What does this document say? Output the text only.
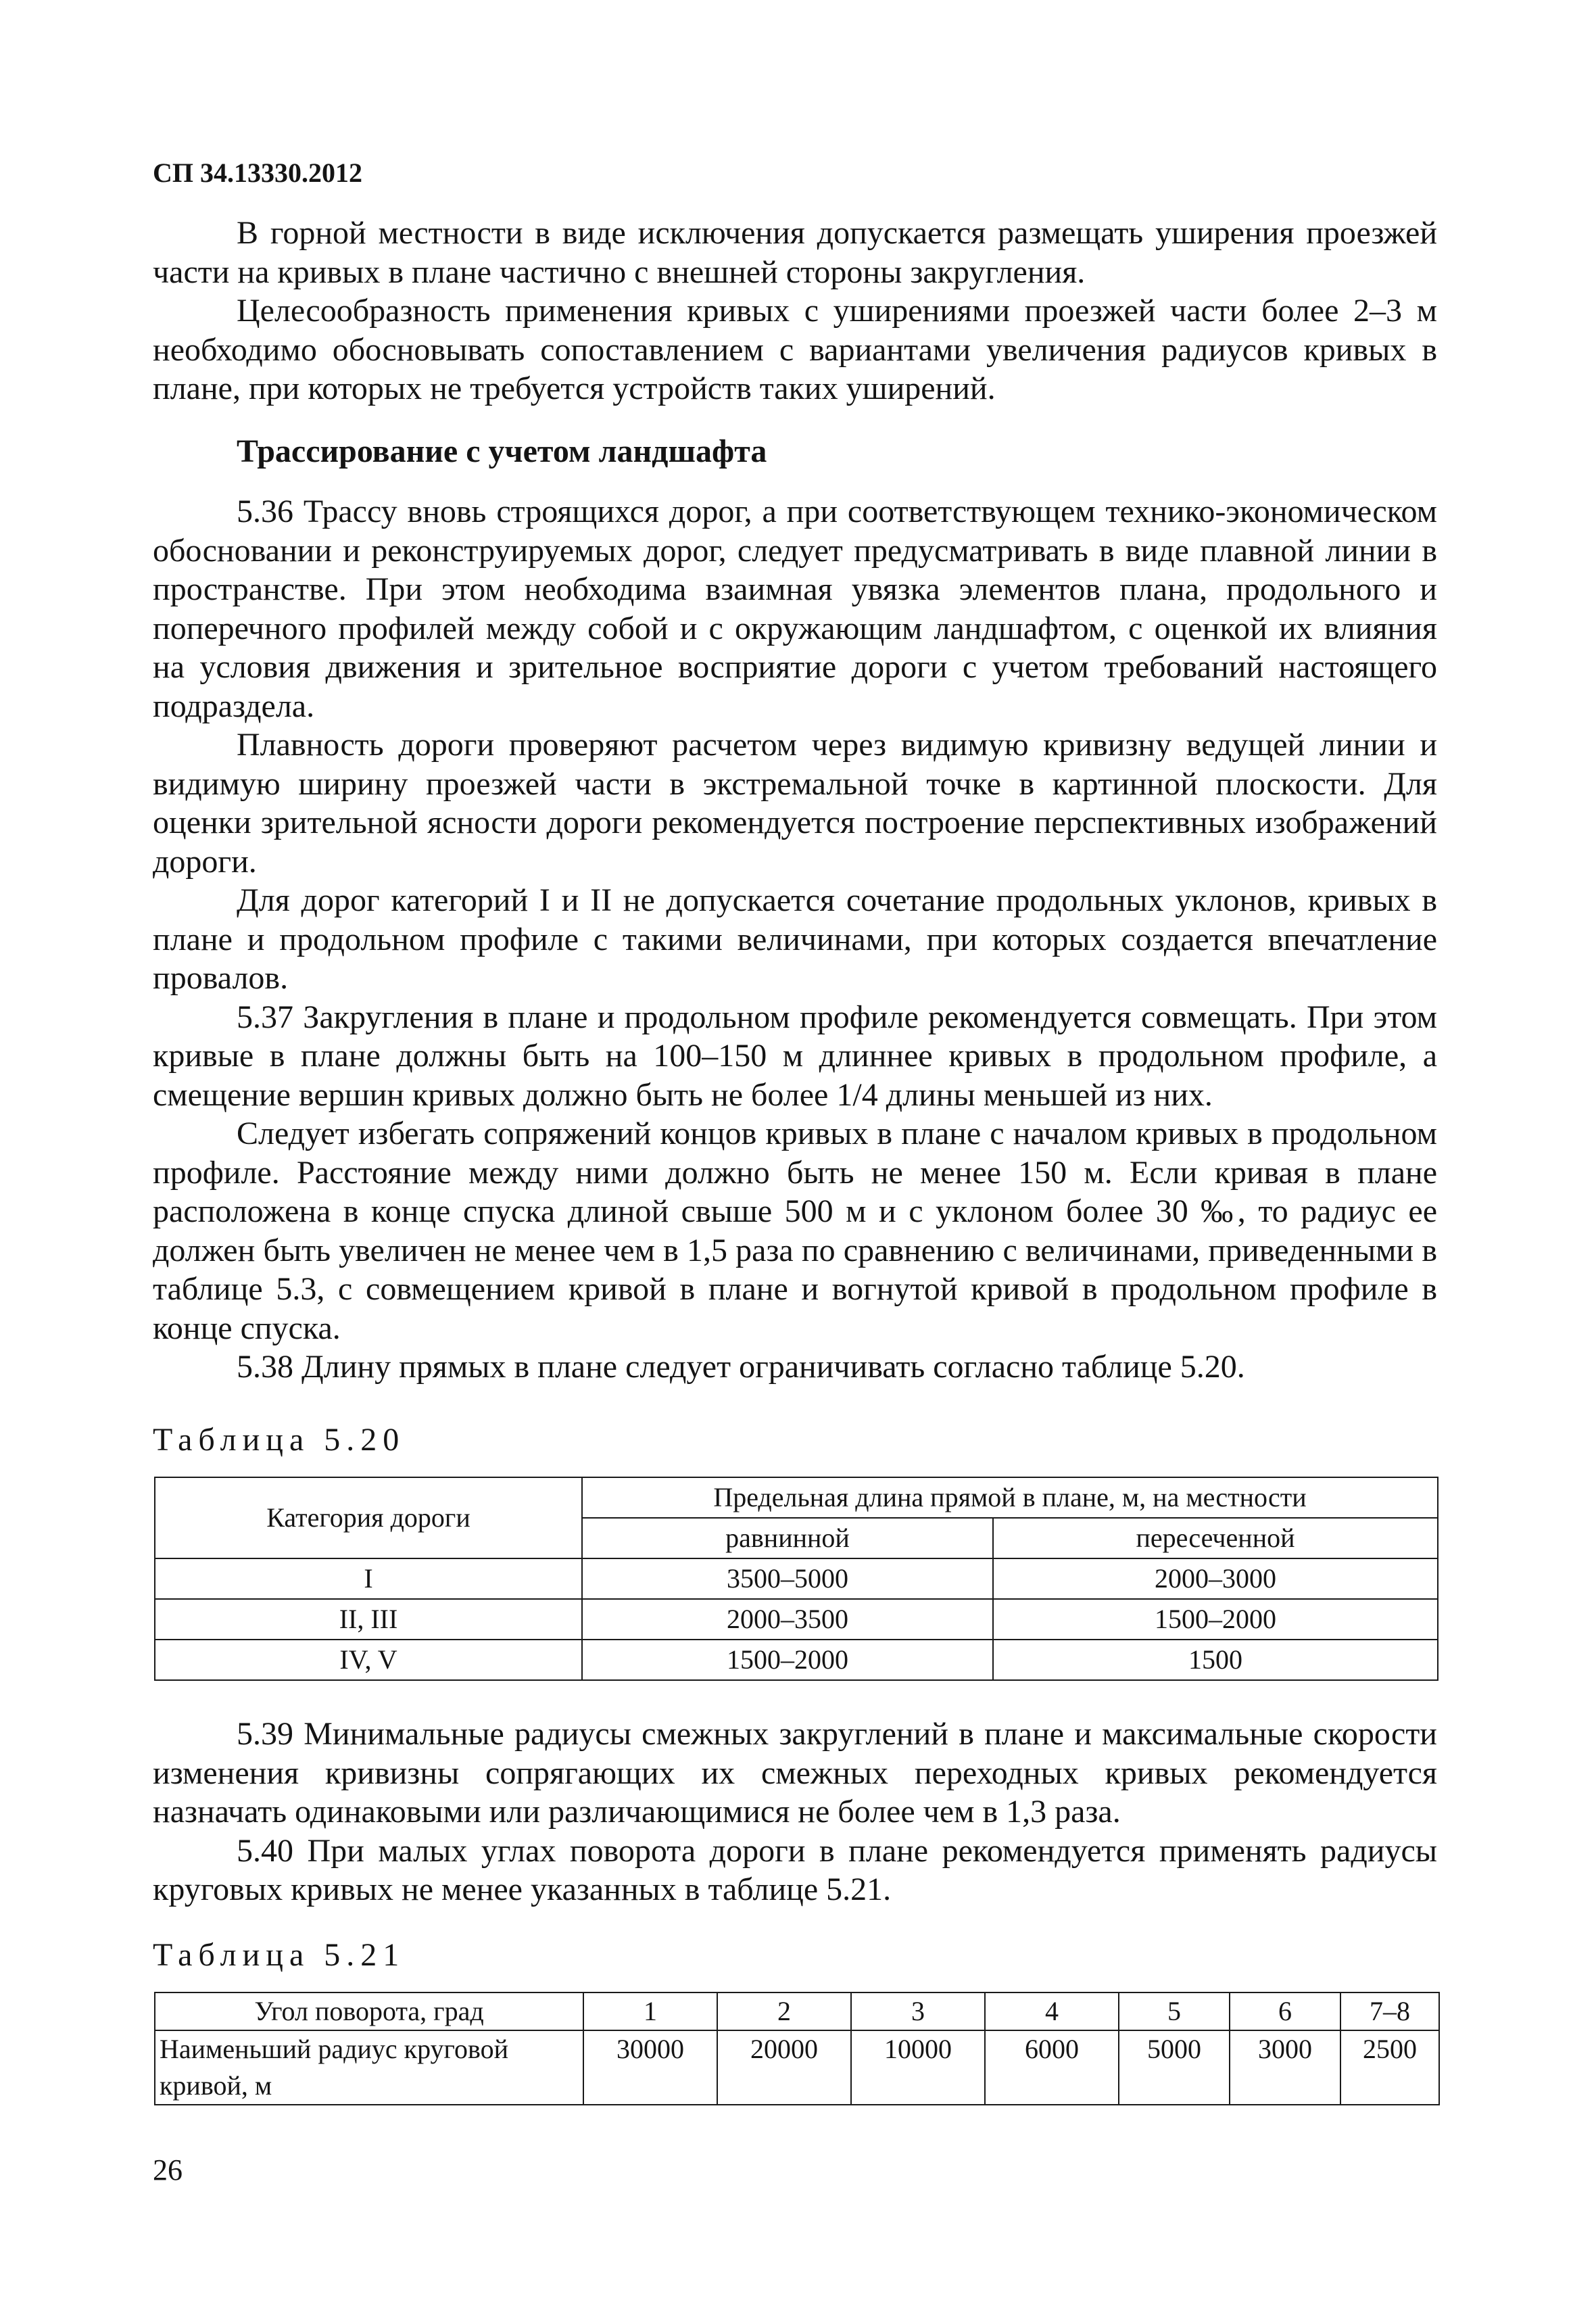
СП 34.13330.2012

В горной местности в виде исключения допускается размещать уширения проезжей части на кривых в плане частично с внешней стороны закругления.

Целесообразность применения кривых с уширениями проезжей части более 2–3 м необходимо обосновывать сопоставлением с вариантами увеличения радиусов кривых в плане, при которых не требуется устройств таких уширений.

Трассирование с учетом ландшафта

5.36 Трассу вновь строящихся дорог, а при соответствующем технико-экономическом обосновании и реконструируемых дорог, следует предусматривать в виде плавной линии в пространстве. При этом необходима взаимная увязка элементов плана, продольного и поперечного профилей между собой и с окружающим ландшафтом, с оценкой их влияния на условия движения и зрительное восприятие дороги с учетом требований настоящего подраздела.

Плавность дороги проверяют расчетом через видимую кривизну ведущей линии и видимую ширину проезжей части в экстремальной точке в картинной плоскости. Для оценки зрительной ясности дороги рекомендуется построение перспективных изображений дороги.

Для дорог категорий I и II не допускается сочетание продольных уклонов, кривых в плане и продольном профиле с такими величинами, при которых создается впечатление провалов.

5.37 Закругления в плане и продольном профиле рекомендуется совмещать. При этом кривые в плане должны быть на 100–150 м длиннее кривых в продольном профиле, а смещение вершин кривых должно быть не более 1/4 длины меньшей из них.

Следует избегать сопряжений концов кривых в плане с началом кривых в продольном профиле. Расстояние между ними должно быть не менее 150 м. Если кривая в плане расположена в конце спуска длиной свыше 500 м и с уклоном более 30 ‰, то радиус ее должен быть увеличен не менее чем в 1,5 раза по сравнению с величинами, приведенными в таблице 5.3, с совмещением кривой в плане и вогнутой кривой в продольном профиле в конце спуска.

5.38 Длину прямых в плане следует ограничивать согласно таблице 5.20.

Таблица 5.20

Категория дороги	Предельная длина прямой в плане, м, на местности	
	равнинной	пересеченной
I	3500–5000	2000–3000
II, III	2000–3500	1500–2000
IV, V	1500–2000	1500

5.39 Минимальные радиусы смежных закруглений в плане и максимальные скорости изменения кривизны сопрягающих их смежных переходных кривых рекомендуется назначать одинаковыми или различающимися не более чем в 1,3 раза.

5.40 При малых углах поворота дороги в плане рекомендуется применять радиусы круговых кривых не менее указанных в таблице 5.21.

Таблица 5.21

Угол поворота, град	1	2	3	4	5	6	7–8
Наименьший радиус круговой кривой, м	30000	20000	10000	6000	5000	3000	2500

26
